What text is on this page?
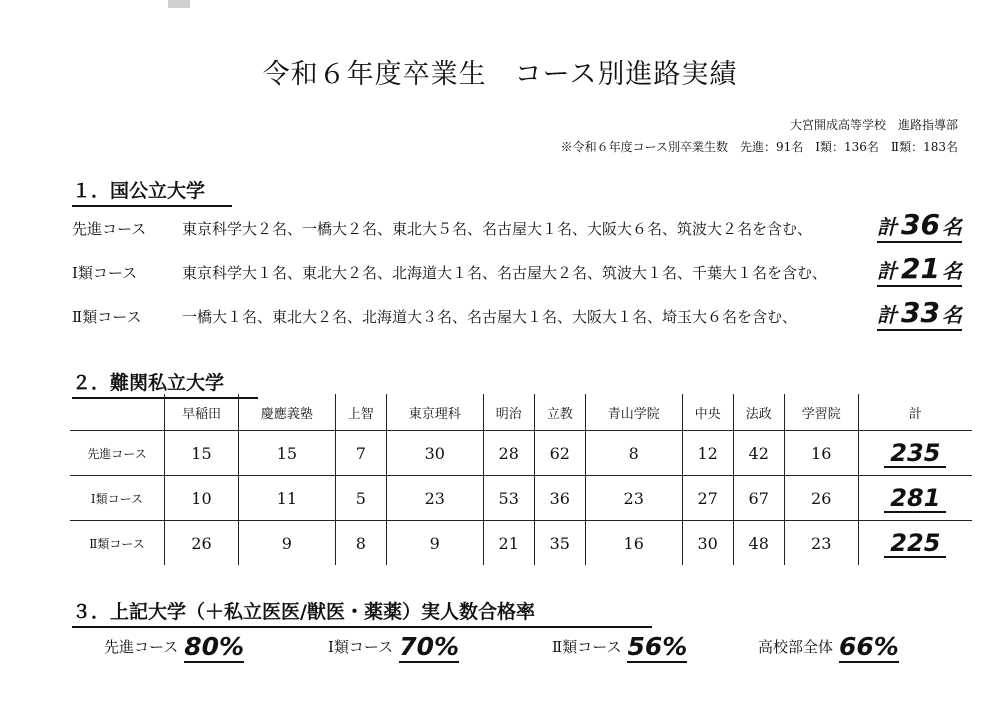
令和６年度卒業生　コース別進路実績
大宮開成高等学校　進路指導部
※令和６年度コース別卒業生数　先進：91名　Ⅰ類：136名　Ⅱ類：183名
１．国公立大学
先進コース 東京科学大２名、一橋大２名、東北大５名、名古屋大１名、大阪大６名、筑波大２名を含む、	計 36 名
Ⅰ類コース	東京科学大１名、東北大２名、北海道大１名、名古屋大２名、筑波大１名、千葉大１名を含む、	計 21 名
Ⅱ類コース	一橋大１名、東北大２名、北海道大３名、名古屋大１名、大阪大１名、埼玉大６名を含む、	計 33 名
２．難関私立大学
	早稲田	慶應義塾	上智	東京理科	明治	立教	青山学院	中央	法政	学習院	計
先進コース	15	15	7	30	28	62	8	12	42	16	235
Ⅰ類コース	10	11	5	23	53	36	23	27	67	26	281
Ⅱ類コース	26	9	8	9	21	35	16	30	48	23	225
３．上記大学（＋私立医医/獣医・薬薬）実人数合格率
先進コース 80%	Ⅰ類コース 70%	Ⅱ類コース 56%	高校部全体 66%
